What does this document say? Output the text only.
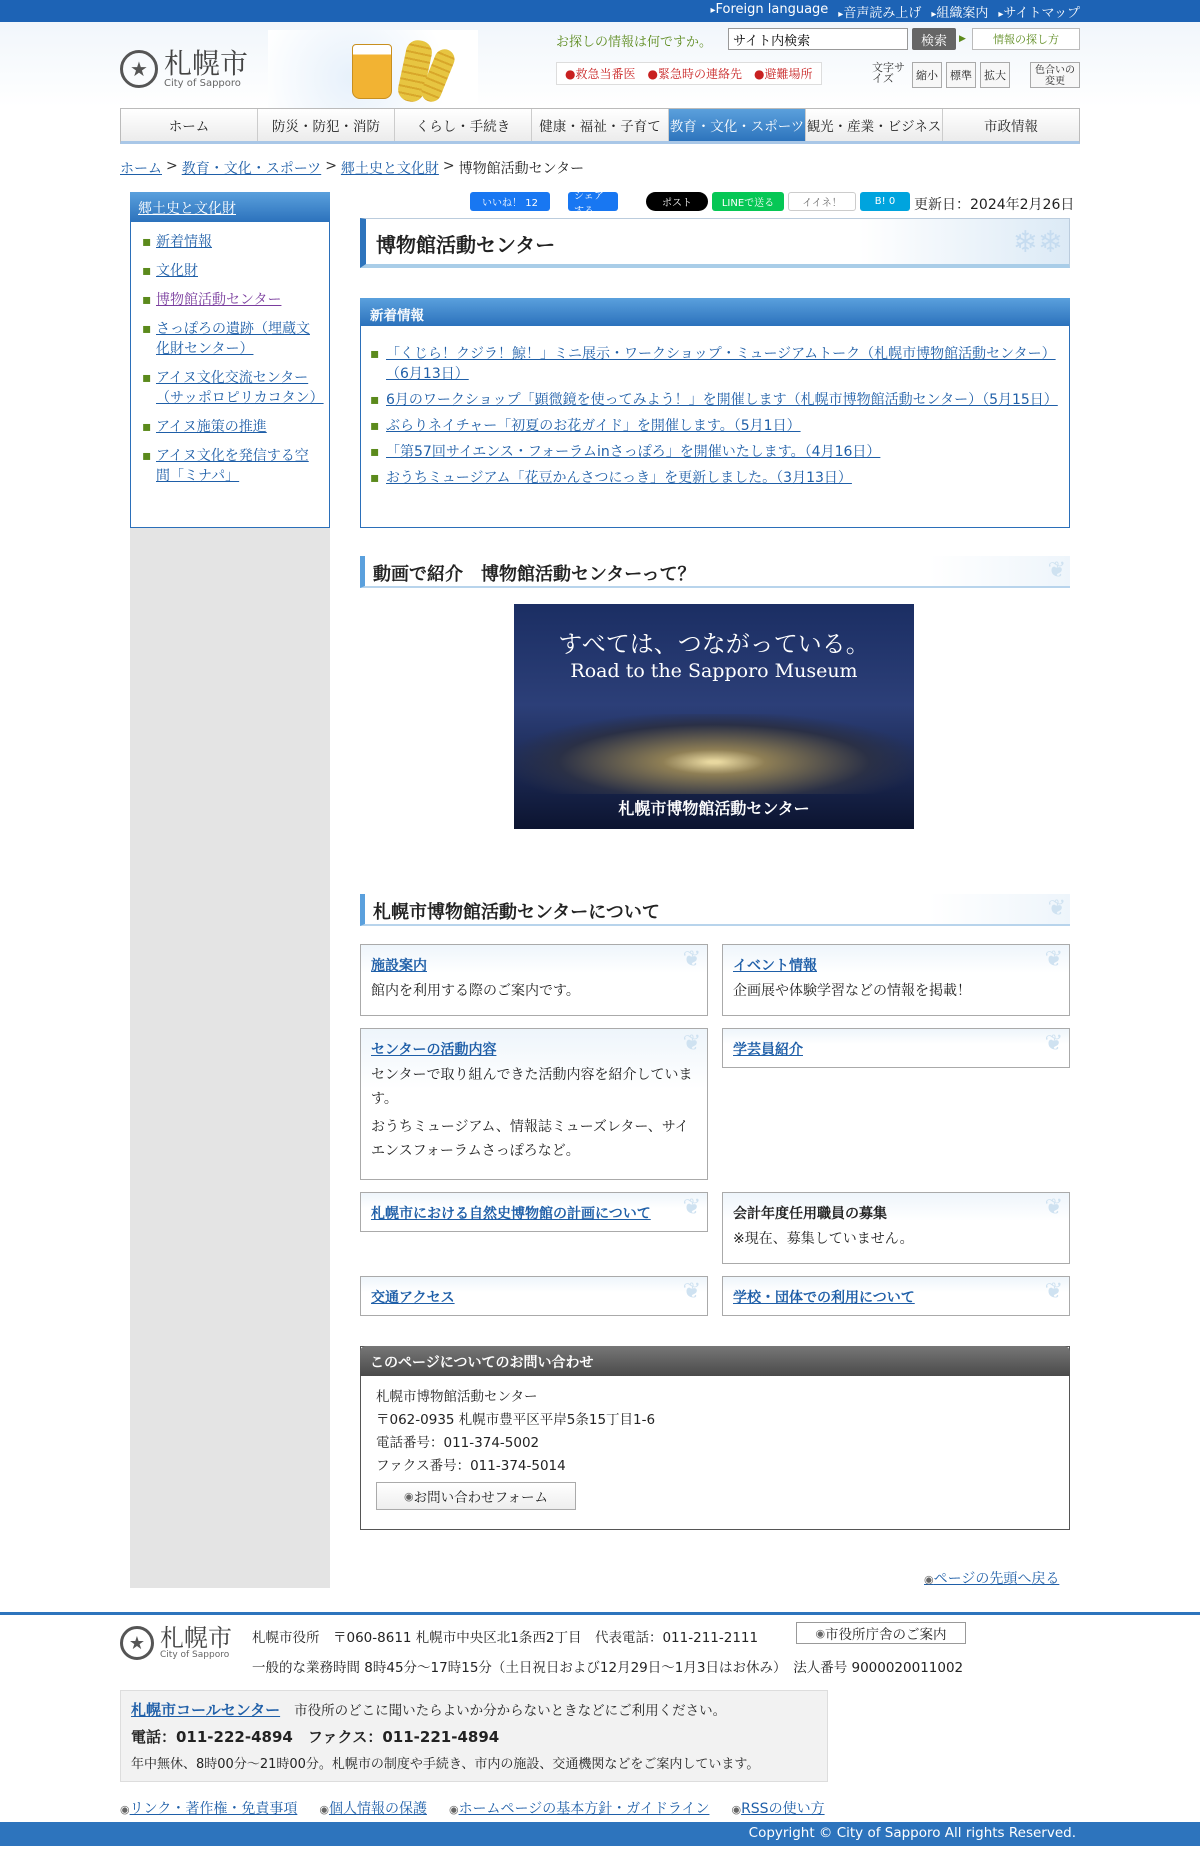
▸ Foreign language	▸ 音声読み上げ	▸ 組織案内	▸ サイトマップ
★ 札幌市
City of Sapporo
お探しの情報は何ですか。
サイト内検索	検索	▶ 情報の探し方
● 救急当番医	● 緊急時の連絡先	● 避難場所	文字サイズ	縮小	標準	拡大	色合いの変更
ホーム	防災・防犯・消防	くらし・手続き	健康・福祉・子育て 教育・文化・スポーツ 観光・産業・ビジネス	市政情報
ホーム > 教育・文化・スポーツ > 郷土史と文化財 > 博物館活動センター
郷土史と文化財
▪ 新着情報
▪ 文化財
▪ 博物館活動センター
▪ さっぽろの遺跡（埋蔵文化財センター）
▪ アイヌ文化交流センター（サッポロピリカコタン）
▪ アイヌ施策の推進
▪ アイヌ文化を発信する空間「ミナパ」
いいね！ 12
シェアする
ポスト	LINEで送る	イイネ！	B! 0	更新日：2024年2月26日
博物館活動センター	❄❄
新着情報
▪ 「くじら！クジラ！鯨！」ミニ展示・ワークショップ・ミュージアムトーク（札幌市博物館活動センター）（6月13日）
▪ 6月のワークショップ「顕微鏡を使ってみよう！」を開催します（札幌市博物館活動センター）（5月15日）
▪ ぶらりネイチャー「初夏のお花ガイド」を開催します。（5月1日）
▪ 「第57回サイエンス・フォーラムinさっぽろ」を開催いたします。（4月16日）
▪ おうちミュージアム「花豆かんさつにっき」を更新しました。（3月13日）
動画で紹介　博物館活動センターって？	❦
すべては、つながっている。
Road to the Sapporo Museum
札幌市博物館活動センター
札幌市博物館活動センターについて	❦
施設案内
館内を利用する際のご案内です。
❦ イベント情報
企画展や体験学習などの情報を掲載！
❦
センターの活動内容
センターで取り組んできた活動内容を紹介しています。
おうちミュージアム、情報誌ミューズレター、サイエンスフォーラムさっぽろなど。
❦ 学芸員紹介	❦
札幌市における自然史博物館の計画について	❦ 会計年度任用職員の募集
※現在、募集していません。
❦
交通アクセス	❦ 学校・団体での利用について	❦
このページについてのお問い合わせ
札幌市博物館活動センター
〒062-0935 札幌市豊平区平岸5条15丁目1-6
電話番号：011-374-5002
ファクス番号：011-374-5014
◉ お問い合わせフォーム
◉ ページの先頭へ戻る
★ 札幌市
City of Sapporo
札幌市役所　〒060-8611 札幌市中央区北1条西2丁目　代表電話：011-211-2111	◉ 市役所庁舎のご案内
一般的な業務時間 8時45分～17時15分（土日祝日および12月29日～1月3日はお休み）　法人番号 9000020011002
札幌市コールセンター 市役所のどこに聞いたらよいか分からないときなどにご利用ください。
電話：011-222-4894　ファクス：011-221-4894
年中無休、8時00分～21時00分。札幌市の制度や手続き、市内の施設、交通機関などをご案内しています。
◉ リンク・著作権・免責事項	◉ 個人情報の保護	◉ ホームページの基本方針・ガイドライン	◉ RSSの使い方
Copyright © City of Sapporo All rights Reserved.
